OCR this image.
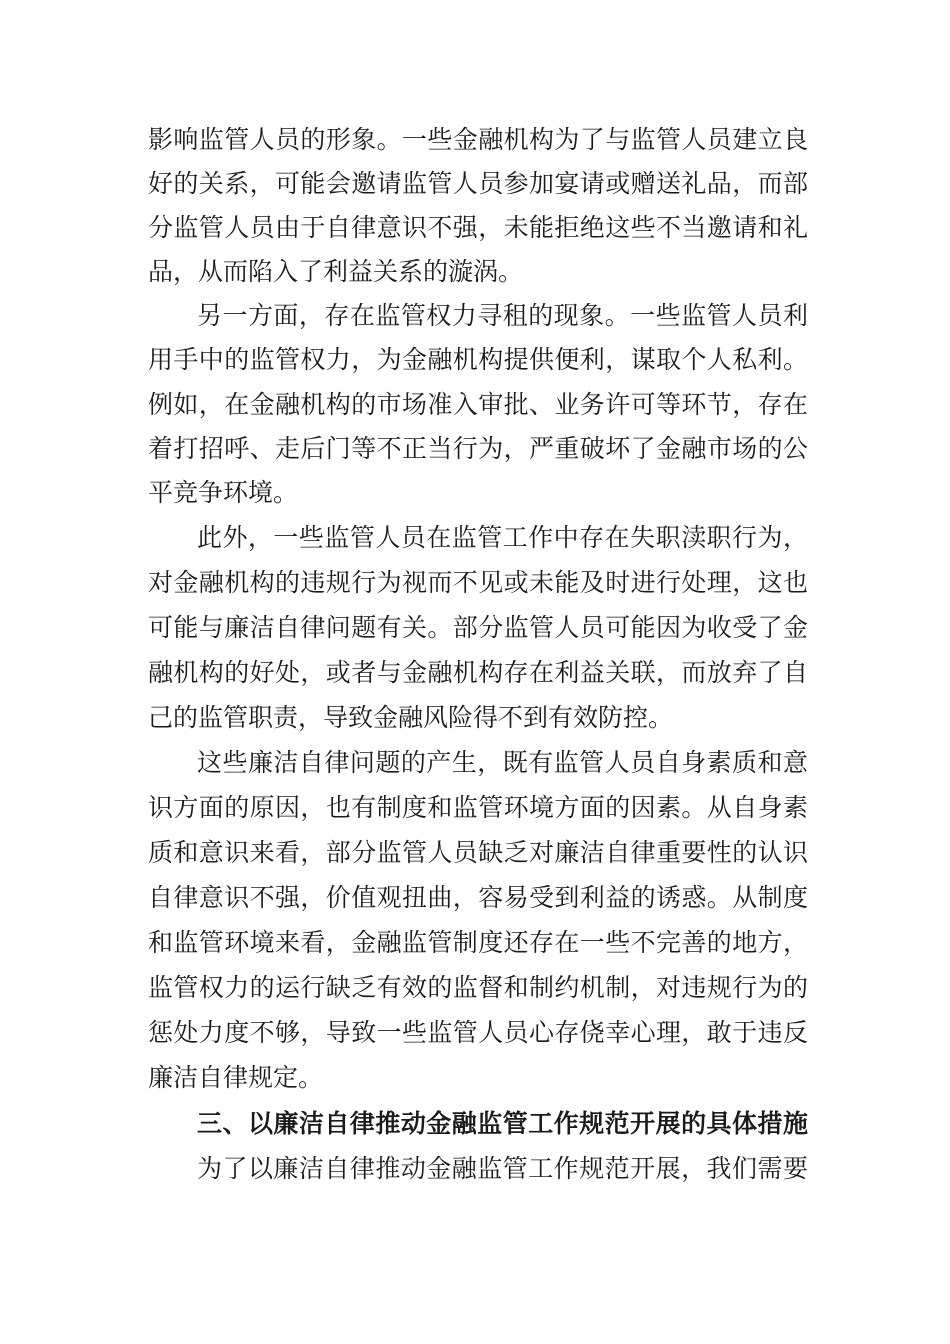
影响监管人员的形象。一些金融机构为了与监管人员建立良
好的关系，可能会邀请监管人员参加宴请或赠送礼品，而部
分监管人员由于自律意识不强，未能拒绝这些不当邀请和礼
品，从而陷入了利益关系的漩涡。
另一方面，存在监管权力寻租的现象。一些监管人员利
用手中的监管权力，为金融机构提供便利，谋取个人私利。
例如，在金融机构的市场准入审批、业务许可等环节，存在
着打招呼、走后门等不正当行为，严重破坏了金融市场的公
平竞争环境。
此外，一些监管人员在监管工作中存在失职渎职行为，
对金融机构的违规行为视而不见或未能及时进行处理，这也
可能与廉洁自律问题有关。部分监管人员可能因为收受了金
融机构的好处，或者与金融机构存在利益关联，而放弃了自
己的监管职责，导致金融风险得不到有效防控。
这些廉洁自律问题的产生，既有监管人员自身素质和意
识方面的原因，也有制度和监管环境方面的因素。从自身素
质和意识来看，部分监管人员缺乏对廉洁自律重要性的认识
自律意识不强，价值观扭曲，容易受到利益的诱惑。从制度
和监管环境来看，金融监管制度还存在一些不完善的地方，
监管权力的运行缺乏有效的监督和制约机制，对违规行为的
惩处力度不够，导致一些监管人员心存侥幸心理，敢于违反
廉洁自律规定。
三、以廉洁自律推动金融监管工作规范开展的具体措施
为了以廉洁自律推动金融监管工作规范开展，我们需要
